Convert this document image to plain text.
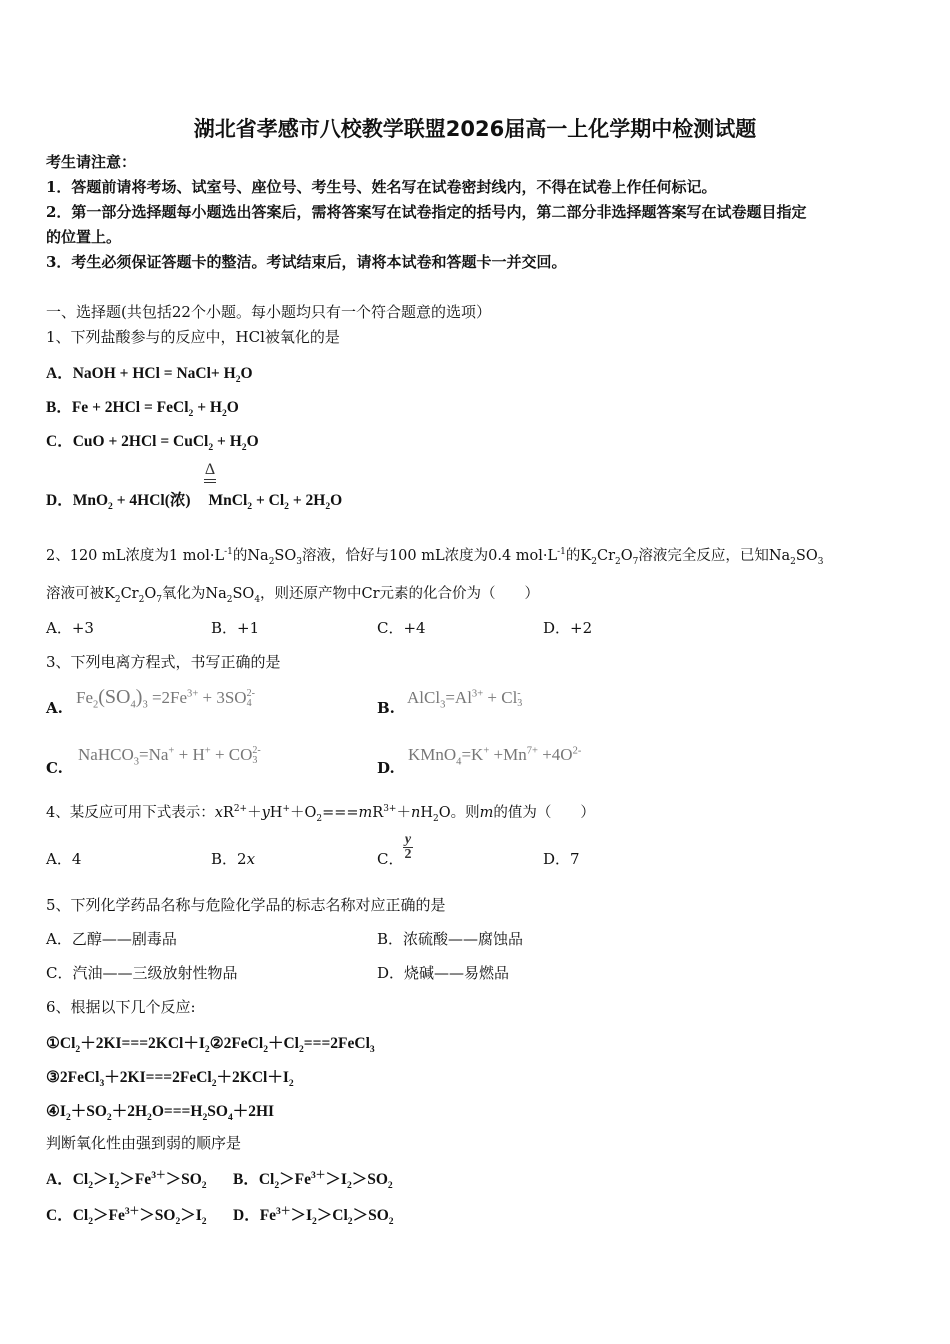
湖北省孝感市八校教学联盟2026届高一上化学期中检测试题
考生请注意：
1．答题前请将考场、试室号、座位号、考生号、姓名写在试卷密封线内，不得在试卷上作任何标记。
2．第一部分选择题每小题选出答案后，需将答案写在试卷指定的括号内，第二部分非选择题答案写在试卷题目指定
的位置上。
3．考生必须保证答题卡的整洁。考试结束后，请将本试卷和答题卡一并交回。
一、选择题(共包括22个小题。每小题均只有一个符合题意的选项）
1、下列盐酸参与的反应中，HCl被氧化的是
A．NaOH + HCl = NaCl+ $H_2O$
B．Fe + 2HCl = FeCl$_2$ + $H_2O$
C．CuO + 2HCl = CuCl$_2$ + $H_2O$
Δ
D．MnO$_2$ + 4HCl(浓) MnCl$_2$ + $Cl_2 + 2H_2O$
2、120 mL浓度为1 $mol\cdot L^{-1}$的$Na_2SO_3$溶液，恰好与100 mL浓度为0.4 $mol\cdot L^{-1}$的$K_2Cr_2O_7$溶液完全反应，已知$Na_2SO_3$
溶液可被$K_2Cr_2O_7$氧化为$Na_2SO_4$，则还原产物中Cr元素的化合价为（　　）
A．+3	B．+1	C．+4	D．+2
3、下列电离方程式，书写正确的是
A.
$Fe_2(SO_4)_3 =2Fe^{3+} + 3SO$ 2-
4	B.
$AlCl_3=Al^{3+} + Cl$ -
3
C.
NaHCO$_3$=Na+ + H+ + CO 2-
3	D.
KMnO$_4$=K+ $+Mn^{7+} +4O^{2-}$
4、某反应可用下式表示：$xR^{2+}+yH^++O_2===mR^{3+}+nH_2O$。则m的值为（　　）
A．4	B．2x	C．
y
2	D．7
5、下列化学药品名称与危险化学品的标志名称对应正确的是
A．乙醇——剧毒品	B．浓硫酸——腐蚀品
C．汽油——三级放射性物品	D．烧碱——易燃品
6、根据以下几个反应:
$①Cl_2+2KI===2KCl+I_2②2FeCl_2+Cl_2===2FeCl_3$
$③2FeCl_3+2KI===2FeCl_2+2KCl+I_2$
$④I_2+SO_2+2H_2O===H_2SO_4+2HI$
判断氧化性由强到弱的顺序是
A．$Cl_2>I_2>Fe^{3+}>SO_2$ B．$Cl_2>Fe^{3+}>I_2>SO_2$
C．$Cl_2>Fe^{3+}>SO_2>I_2$ D．$Fe^{3+}>I_2>Cl_2>SO_2$
